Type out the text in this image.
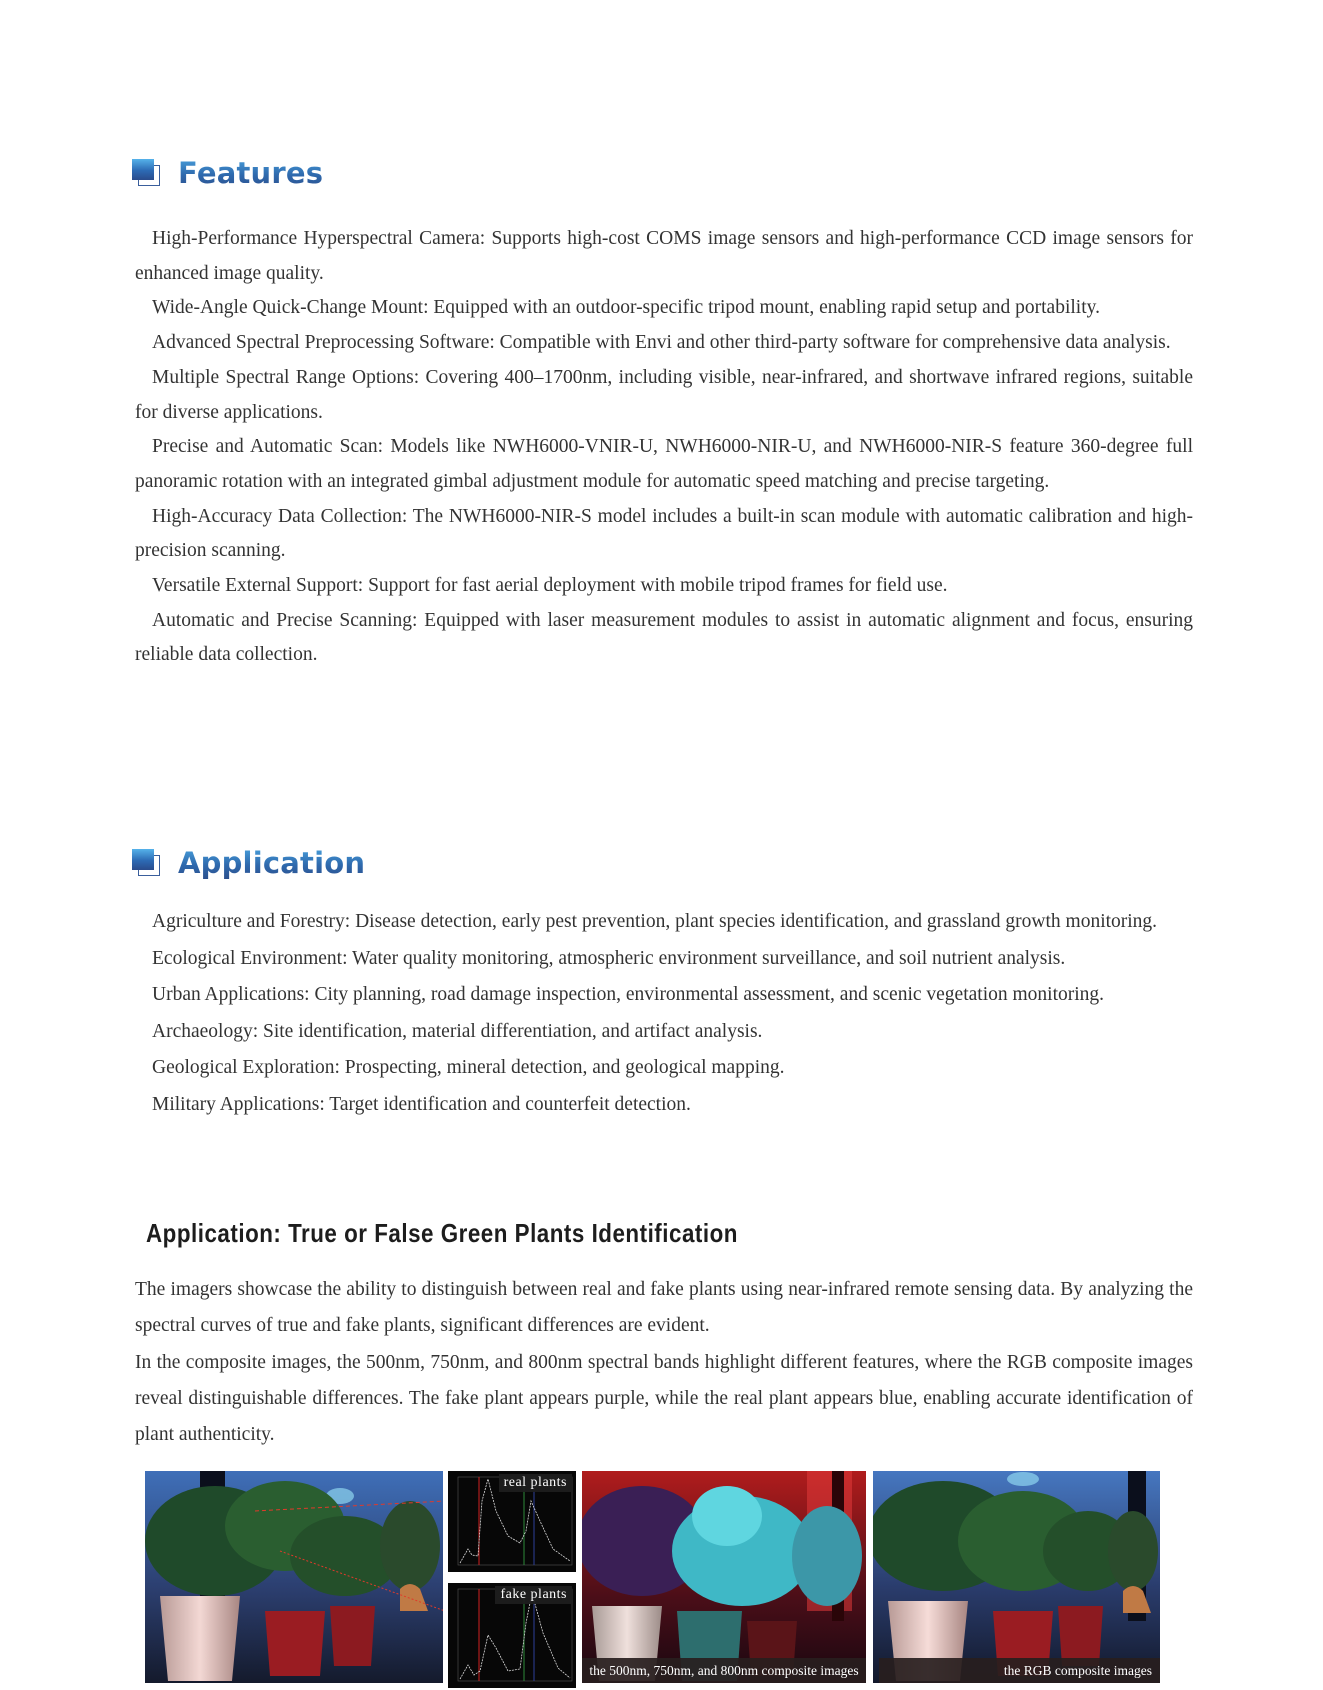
Features

High-Performance Hyperspectral Camera: Supports high-cost COMS image sensors and high-performance CCD image sensors for enhanced image quality.

Wide-Angle Quick-Change Mount: Equipped with an outdoor-specific tripod mount, enabling rapid setup and portability.

Advanced Spectral Preprocessing Software: Compatible with Envi and other third-party software for comprehensive data analysis.

Multiple Spectral Range Options: Covering 400–1700nm, including visible, near-infrared, and shortwave infrared regions, suitable for diverse applications.

Precise and Automatic Scan: Models like NWH6000-VNIR-U, NWH6000-NIR-U, and NWH6000-NIR-S feature 360-degree full panoramic rotation with an integrated gimbal adjustment module for automatic speed matching and precise targeting.

High-Accuracy Data Collection: The NWH6000-NIR-S model includes a built-in scan module with automatic calibration and high-precision scanning.

Versatile External Support: Support for fast aerial deployment with mobile tripod frames for field use.

Automatic and Precise Scanning: Equipped with laser measurement modules to assist in automatic alignment and focus, ensuring reliable data collection.

Application

Agriculture and Forestry: Disease detection, early pest prevention, plant species identification, and grassland growth monitoring.

Ecological Environment: Water quality monitoring, atmospheric environment surveillance, and soil nutrient analysis.

Urban Applications: City planning, road damage inspection, environmental assessment, and scenic vegetation monitoring.

Archaeology: Site identification, material differentiation, and artifact analysis.

Geological Exploration: Prospecting, mineral detection, and geological mapping.

Military Applications: Target identification and counterfeit detection.

Application: True or False Green Plants Identification

The imagers showcase the ability to distinguish between real and fake plants using near-infrared remote sensing data. By analyzing the spectral curves of true and fake plants, significant differences are evident.

In the composite images, the 500nm, 750nm, and 800nm spectral bands highlight different features, where the RGB composite images reveal distinguishable differences. The fake plant appears purple, while the real plant appears blue, enabling accurate identification of plant authenticity.

real plants
fake plants
the 500nm, 750nm, and 800nm composite images	the RGB composite images
